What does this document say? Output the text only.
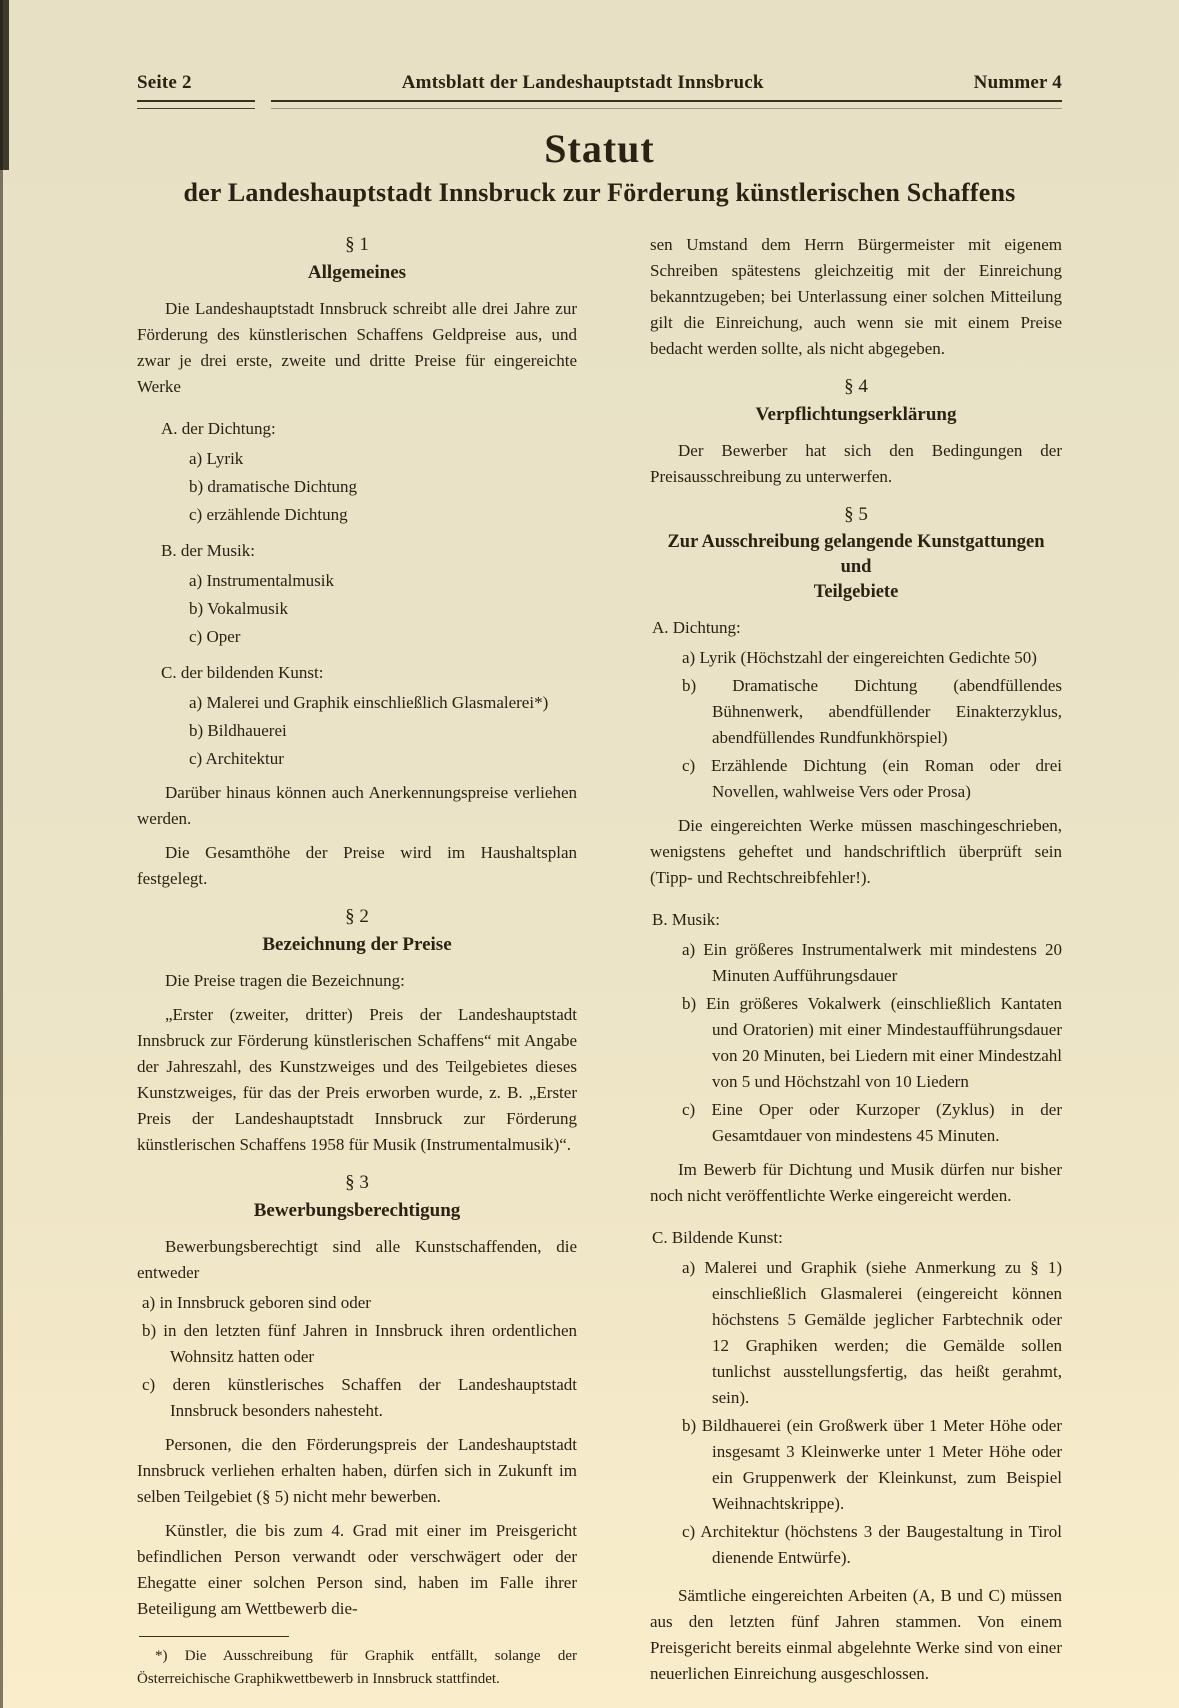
Seite 2	Amtsblatt der Landeshauptstadt Innsbruck	Nummer 4
Statut
der Landeshauptstadt Innsbruck zur Förderung künstlerischen Schaffens
§ 1
Allgemeines

Die Landeshauptstadt Innsbruck schreibt alle drei Jahre zur Förderung des künstlerischen Schaffens Geldpreise aus, und zwar je drei erste, zweite und dritte Preise für eingereichte Werke

A. der Dichtung:
a) Lyrik
b) dramatische Dichtung
c) erzählende Dichtung
B. der Musik:
a) Instrumentalmusik
b) Vokalmusik
c) Oper
C. der bildenden Kunst:
a) Malerei und Graphik einschließlich Glasmalerei*)
b) Bildhauerei
c) Architektur

Darüber hinaus können auch Anerkennungspreise verliehen werden.

Die Gesamthöhe der Preise wird im Haushaltsplan festgelegt.

§ 2
Bezeichnung der Preise

Die Preise tragen die Bezeichnung:

„Erster (zweiter, dritter) Preis der Landeshauptstadt Innsbruck zur Förderung künstlerischen Schaffens“ mit Angabe der Jahreszahl, des Kunstzweiges und des Teilgebietes dieses Kunstzweiges, für das der Preis erworben wurde, z. B. „Erster Preis der Landeshauptstadt Innsbruck zur Förderung künstlerischen Schaffens 1958 für Musik (Instrumentalmusik)“.

§ 3
Bewerbungsberechtigung

Bewerbungsberechtigt sind alle Kunstschaffenden, die entweder

a) in Innsbruck geboren sind oder
b) in den letzten fünf Jahren in Innsbruck ihren ordentlichen Wohnsitz hatten oder
c) deren künstlerisches Schaffen der Landeshauptstadt Innsbruck besonders nahesteht.

Personen, die den Förderungspreis der Landeshauptstadt Innsbruck verliehen erhalten haben, dürfen sich in Zukunft im selben Teilgebiet (§ 5) nicht mehr bewerben.

Künstler, die bis zum 4. Grad mit einer im Preisgericht befindlichen Person verwandt oder verschwägert oder der Ehegatte einer solchen Person sind, haben im Falle ihrer Beteiligung am Wettbewerb die-

*) Die Ausschreibung für Graphik entfällt, solange der Österreichische Graphikwettbewerb in Innsbruck stattfindet.

sen Umstand dem Herrn Bürgermeister mit eigenem Schreiben spätestens gleichzeitig mit der Einreichung bekanntzugeben; bei Unterlassung einer solchen Mitteilung gilt die Einreichung, auch wenn sie mit einem Preise bedacht werden sollte, als nicht abgegeben.

§ 4
Verpflichtungserklärung

Der Bewerber hat sich den Bedingungen der Preisausschreibung zu unterwerfen.

§ 5
Zur Ausschreibung gelangende Kunstgattungen und
Teilgebiete
A. Dichtung:
a) Lyrik (Höchstzahl der eingereichten Gedichte 50)
b) Dramatische Dichtung (abendfüllendes Bühnenwerk, abendfüllender Einakterzyklus, abendfüllendes Rundfunkhörspiel)
c) Erzählende Dichtung (ein Roman oder drei Novellen, wahlweise Vers oder Prosa)

Die eingereichten Werke müssen maschingeschrieben, wenigstens geheftet und handschriftlich überprüft sein (Tipp- und Rechtschreibfehler!).

B. Musik:
a) Ein größeres Instrumentalwerk mit mindestens 20 Minuten Aufführungsdauer
b) Ein größeres Vokalwerk (einschließlich Kantaten und Oratorien) mit einer Mindestaufführungsdauer von 20 Minuten, bei Liedern mit einer Mindestzahl von 5 und Höchstzahl von 10 Liedern
c) Eine Oper oder Kurzoper (Zyklus) in der Gesamtdauer von mindestens 45 Minuten.

Im Bewerb für Dichtung und Musik dürfen nur bisher noch nicht veröffentlichte Werke eingereicht werden.

C. Bildende Kunst:
a) Malerei und Graphik (siehe Anmerkung zu § 1) einschließlich Glasmalerei (eingereicht können höchstens 5 Gemälde jeglicher Farbtechnik oder 12 Graphiken werden; die Gemälde sollen tunlichst ausstellungsfertig, das heißt gerahmt, sein).
b) Bildhauerei (ein Großwerk über 1 Meter Höhe oder insgesamt 3 Kleinwerke unter 1 Meter Höhe oder ein Gruppenwerk der Kleinkunst, zum Beispiel Weihnachtskrippe).
c) Architektur (höchstens 3 der Baugestaltung in Tirol dienende Entwürfe).

Sämtliche eingereichten Arbeiten (A, B und C) müssen aus den letzten fünf Jahren stammen. Von einem Preisgericht bereits einmal abgelehnte Werke sind von einer neuerlichen Einreichung ausgeschlossen.
